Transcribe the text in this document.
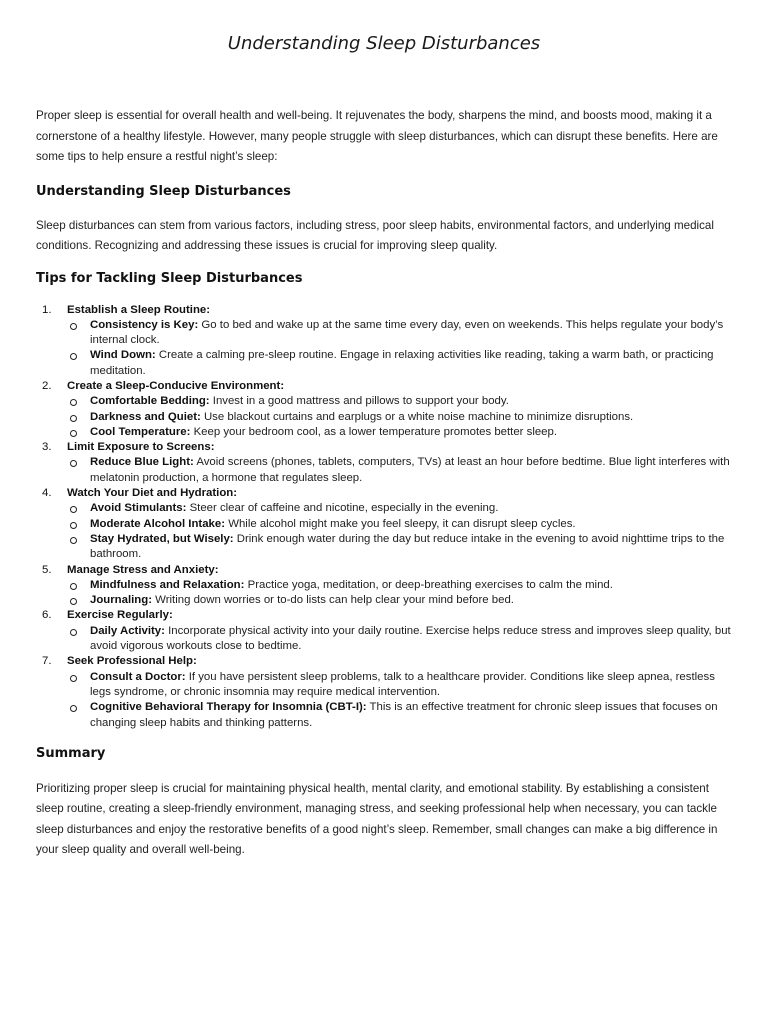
Understanding Sleep Disturbances

Proper sleep is essential for overall health and well-being. It rejuvenates the body, sharpens the mind, and boosts mood, making it a cornerstone of a healthy lifestyle. However, many people struggle with sleep disturbances, which can disrupt these benefits. Here are some tips to help ensure a restful night’s sleep:

Understanding Sleep Disturbances

Sleep disturbances can stem from various factors, including stress, poor sleep habits, environmental factors, and underlying medical conditions. Recognizing and addressing these issues is crucial for improving sleep quality.

Tips for Tackling Sleep Disturbances
1. Establish a Sleep Routine:
Consistency is Key: Go to bed and wake up at the same time every day, even on weekends. This helps regulate your body’s internal clock.
Wind Down: Create a calming pre-sleep routine. Engage in relaxing activities like reading, taking a warm bath, or practicing meditation.
2. Create a Sleep-Conducive Environment:
Comfortable Bedding: Invest in a good mattress and pillows to support your body.
Darkness and Quiet: Use blackout curtains and earplugs or a white noise machine to minimize disruptions.
Cool Temperature: Keep your bedroom cool, as a lower temperature promotes better sleep.
3. Limit Exposure to Screens:
Reduce Blue Light: Avoid screens (phones, tablets, computers, TVs) at least an hour before bedtime. Blue light interferes with melatonin production, a hormone that regulates sleep.
4. Watch Your Diet and Hydration:
Avoid Stimulants: Steer clear of caffeine and nicotine, especially in the evening.
Moderate Alcohol Intake: While alcohol might make you feel sleepy, it can disrupt sleep cycles.
Stay Hydrated, but Wisely: Drink enough water during the day but reduce intake in the evening to avoid nighttime trips to the bathroom.
5. Manage Stress and Anxiety:
Mindfulness and Relaxation: Practice yoga, meditation, or deep-breathing exercises to calm the mind.
Journaling: Writing down worries or to-do lists can help clear your mind before bed.
6. Exercise Regularly:
Daily Activity: Incorporate physical activity into your daily routine. Exercise helps reduce stress and improves sleep quality, but avoid vigorous workouts close to bedtime.
7. Seek Professional Help:
Consult a Doctor: If you have persistent sleep problems, talk to a healthcare provider. Conditions like sleep apnea, restless legs syndrome, or chronic insomnia may require medical intervention.
Cognitive Behavioral Therapy for Insomnia (CBT-I): This is an effective treatment for chronic sleep issues that focuses on changing sleep habits and thinking patterns.
Summary

Prioritizing proper sleep is crucial for maintaining physical health, mental clarity, and emotional stability. By establishing a consistent sleep routine, creating a sleep-friendly environment, managing stress, and seeking professional help when necessary, you can tackle sleep disturbances and enjoy the restorative benefits of a good night’s sleep. Remember, small changes can make a big difference in your sleep quality and overall well-being.
